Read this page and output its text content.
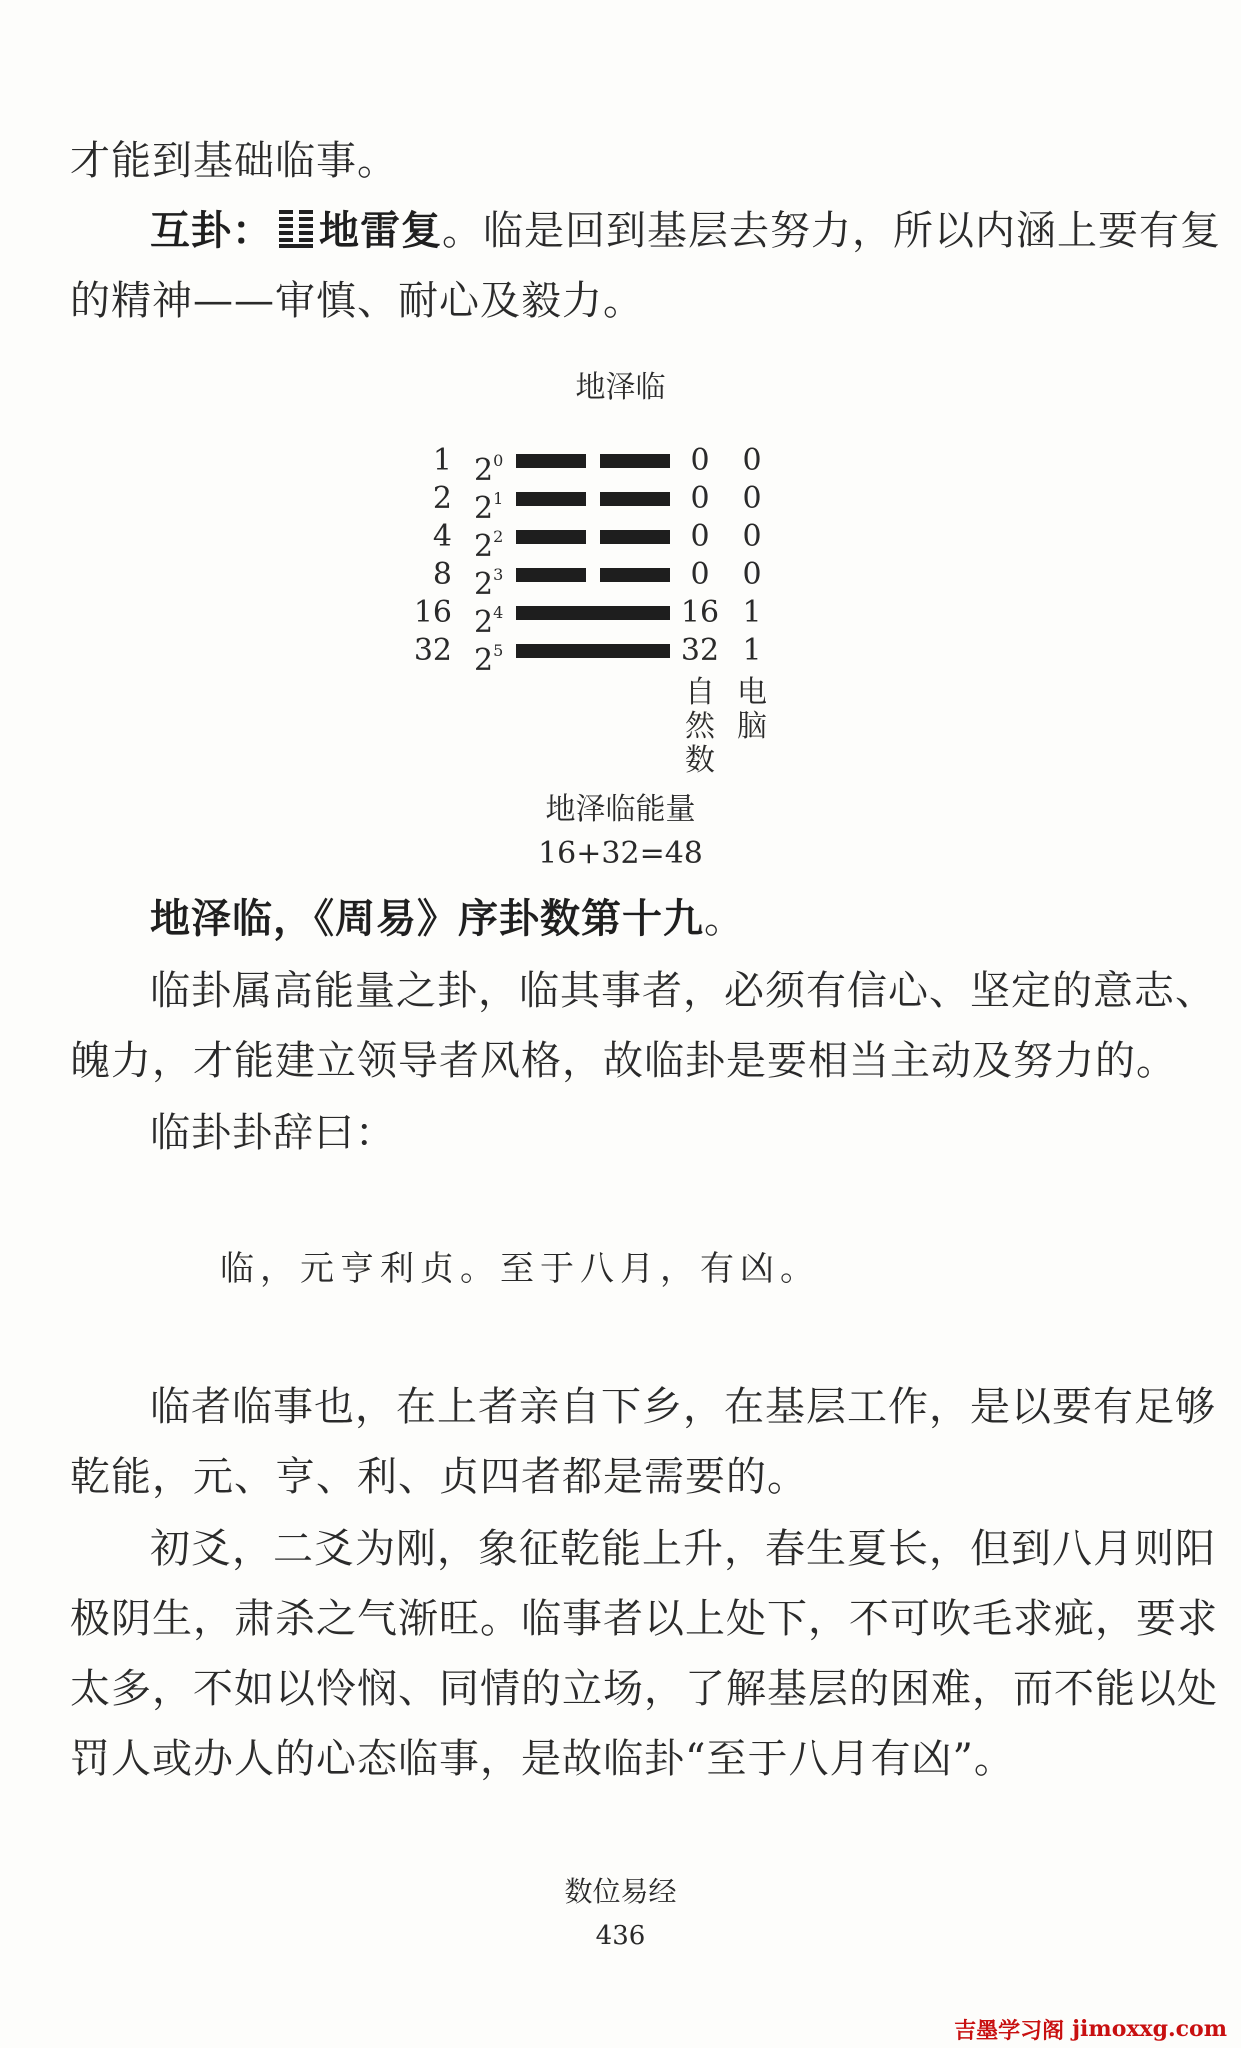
才能到基础临事。

互卦： 地雷复。临是回到基层去努力，所以内涵上要有复

的精神——审慎、耐心及毅力。

地泽临

1 $2^0$	0	0
2 $2^1$	0	0
4 $2^2$	0	0
8 $2^3$	0	0
16 $2^4$	16 1
32 $2^5$	32 1
自然数
电脑

地泽临能量

16+32=48

地泽临，《周易》序卦数第十九。

临卦属高能量之卦，临其事者，必须有信心、坚定的意志、

魄力，才能建立领导者风格，故临卦是要相当主动及努力的。

临卦卦辞曰：

临，元亨利贞。至于八月，有凶。

临者临事也，在上者亲自下乡，在基层工作，是以要有足够

乾能，元、亨、利、贞四者都是需要的。

初爻，二爻为刚，象征乾能上升，春生夏长，但到八月则阳

极阴生，肃杀之气渐旺。临事者以上处下，不可吹毛求疵，要求

太多，不如以怜悯、同情的立场，了解基层的困难，而不能以处

罚人或办人的心态临事，是故临卦“至于八月有凶”。

数位易经

436

吉墨学习阁 jimoxxg.com
